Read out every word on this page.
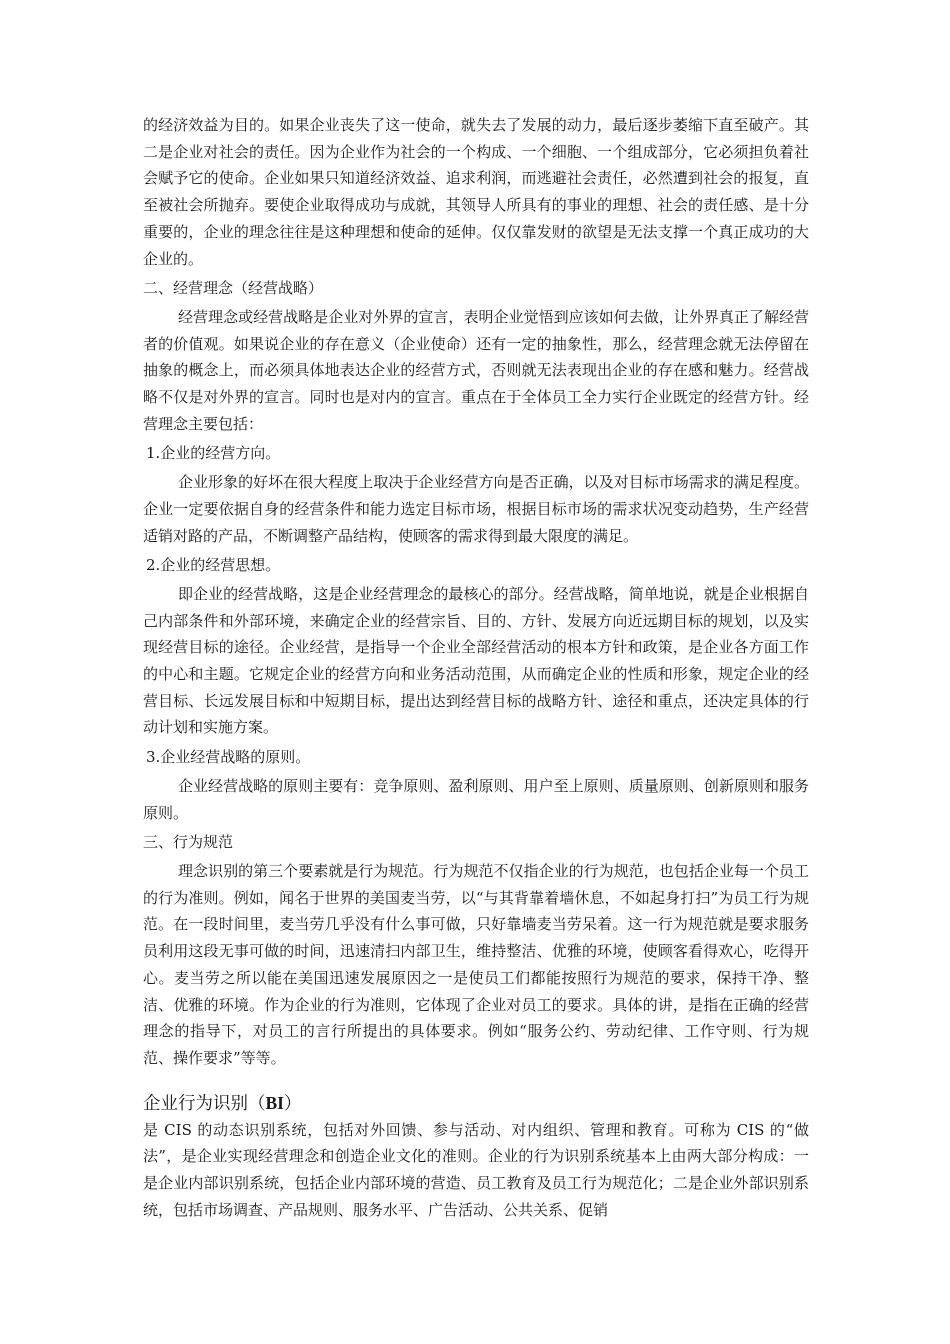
的经济效益为目的。如果企业丧失了这一使命，就失去了发展的动力，最后逐步萎缩下直至破产。其二是企业对社会的责任。因为企业作为社会的一个构成、一个细胞、一个组成部分，它必须担负着社会赋予它的使命。企业如果只知道经济效益、追求利润，而逃避社会责任，必然遭到社会的报复，直至被社会所抛弃。要使企业取得成功与成就，其领导人所具有的事业的理想、社会的责任感、是十分重要的，企业的理念往往是这种理想和使命的延伸。仅仅靠发财的欲望是无法支撑一个真正成功的大企业的。

二、经营理念（经营战略）

经营理念或经营战略是企业对外界的宣言，表明企业觉悟到应该如何去做，让外界真正了解经营者的价值观。如果说企业的存在意义（企业使命）还有一定的抽象性，那么，经营理念就无法停留在抽象的概念上，而必须具体地表达企业的经营方式，否则就无法表现出企业的存在感和魅力。经营战略不仅是对外界的宣言。同时也是对内的宣言。重点在于全体员工全力实行企业既定的经营方针。经营理念主要包括：

1.企业的经营方向。

企业形象的好坏在很大程度上取决于企业经营方向是否正确，以及对目标市场需求的满足程度。企业一定要依据自身的经营条件和能力选定目标市场，根据目标市场的需求状况变动趋势，生产经营适销对路的产品，不断调整产品结构，使顾客的需求得到最大限度的满足。

2.企业的经营思想。

即企业的经营战略，这是企业经营理念的最核心的部分。经营战略，简单地说，就是企业根据自己内部条件和外部环境，来确定企业的经营宗旨、目的、方针、发展方向近远期目标的规划，以及实现经营目标的途径。企业经营，是指导一个企业全部经营活动的根本方针和政策，是企业各方面工作的中心和主题。它规定企业的经营方向和业务活动范围，从而确定企业的性质和形象，规定企业的经营目标、长远发展目标和中短期目标，提出达到经营目标的战略方针、途径和重点，还决定具体的行动计划和实施方案。

3.企业经营战略的原则。

企业经营战略的原则主要有：竞争原则、盈利原则、用户至上原则、质量原则、创新原则和服务原则。

三、行为规范

理念识别的第三个要素就是行为规范。行为规范不仅指企业的行为规范，也包括企业每一个员工的行为准则。例如，闻名于世界的美国麦当劳，以“与其背靠着墙休息，不如起身打扫”为员工行为规范。在一段时间里，麦当劳几乎没有什么事可做，只好靠墙麦当劳呆着。这一行为规范就是要求服务员利用这段无事可做的时间，迅速清扫内部卫生，维持整洁、优雅的环境，使顾客看得欢心，吃得开心。麦当劳之所以能在美国迅速发展原因之一是使员工们都能按照行为规范的要求，保持干净、整洁、优雅的环境。作为企业的行为准则，它体现了企业对员工的要求。具体的讲，是指在正确的经营理念的指导下，对员工的言行所提出的具体要求。例如“服务公约、劳动纪律、工作守则、行为规范、操作要求”等等。

企业行为识别（BI）

是 CIS 的动态识别系统，包括对外回馈、参与活动、对内组织、管理和教育。可称为 CIS 的“做法”，是企业实现经营理念和创造企业文化的准则。企业的行为识别系统基本上由两大部分构成：一是企业内部识别系统，包括企业内部环境的营造、员工教育及员工行为规范化；二是企业外部识别系统，包括市场调查、产品规则、服务水平、广告活动、公共关系、促销
